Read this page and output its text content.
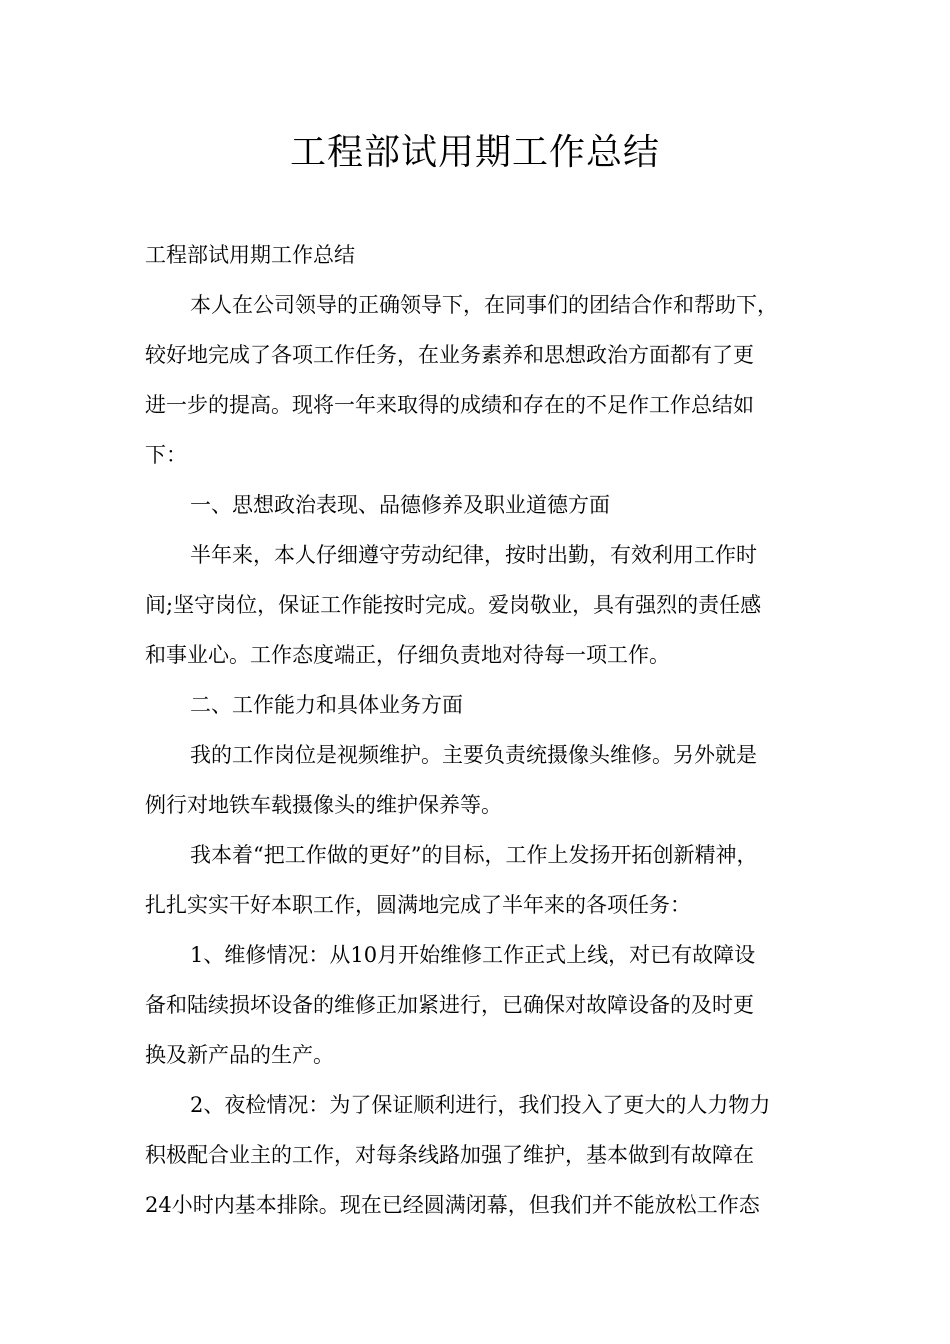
工程部试用期工作总结
工程部试用期工作总结
本人在公司领导的正确领导下，在同事们的团结合作和帮助下，
较好地完成了各项工作任务，在业务素养和思想政治方面都有了更
进一步的提高。现将一年来取得的成绩和存在的不足作工作总结如
下：
一、思想政治表现、品德修养及职业道德方面
半年来，本人仔细遵守劳动纪律，按时出勤，有效利用工作时
间;坚守岗位，保证工作能按时完成。爱岗敬业，具有强烈的责任感
和事业心。工作态度端正，仔细负责地对待每一项工作。
二、工作能力和具体业务方面
我的工作岗位是视频维护。主要负责统摄像头维修。另外就是
例行对地铁车载摄像头的维护保养等。
我本着“把工作做的更好”的目标，工作上发扬开拓创新精神，
扎扎实实干好本职工作，圆满地完成了半年来的各项任务：
1、维修情况：从10月开始维修工作正式上线，对已有故障设
备和陆续损坏设备的维修正加紧进行，已确保对故障设备的及时更
换及新产品的生产。
2、夜检情况：为了保证顺利进行，我们投入了更大的人力物力
积极配合业主的工作，对每条线路加强了维护，基本做到有故障在
24小时内基本排除。现在已经圆满闭幕，但我们并不能放松工作态
